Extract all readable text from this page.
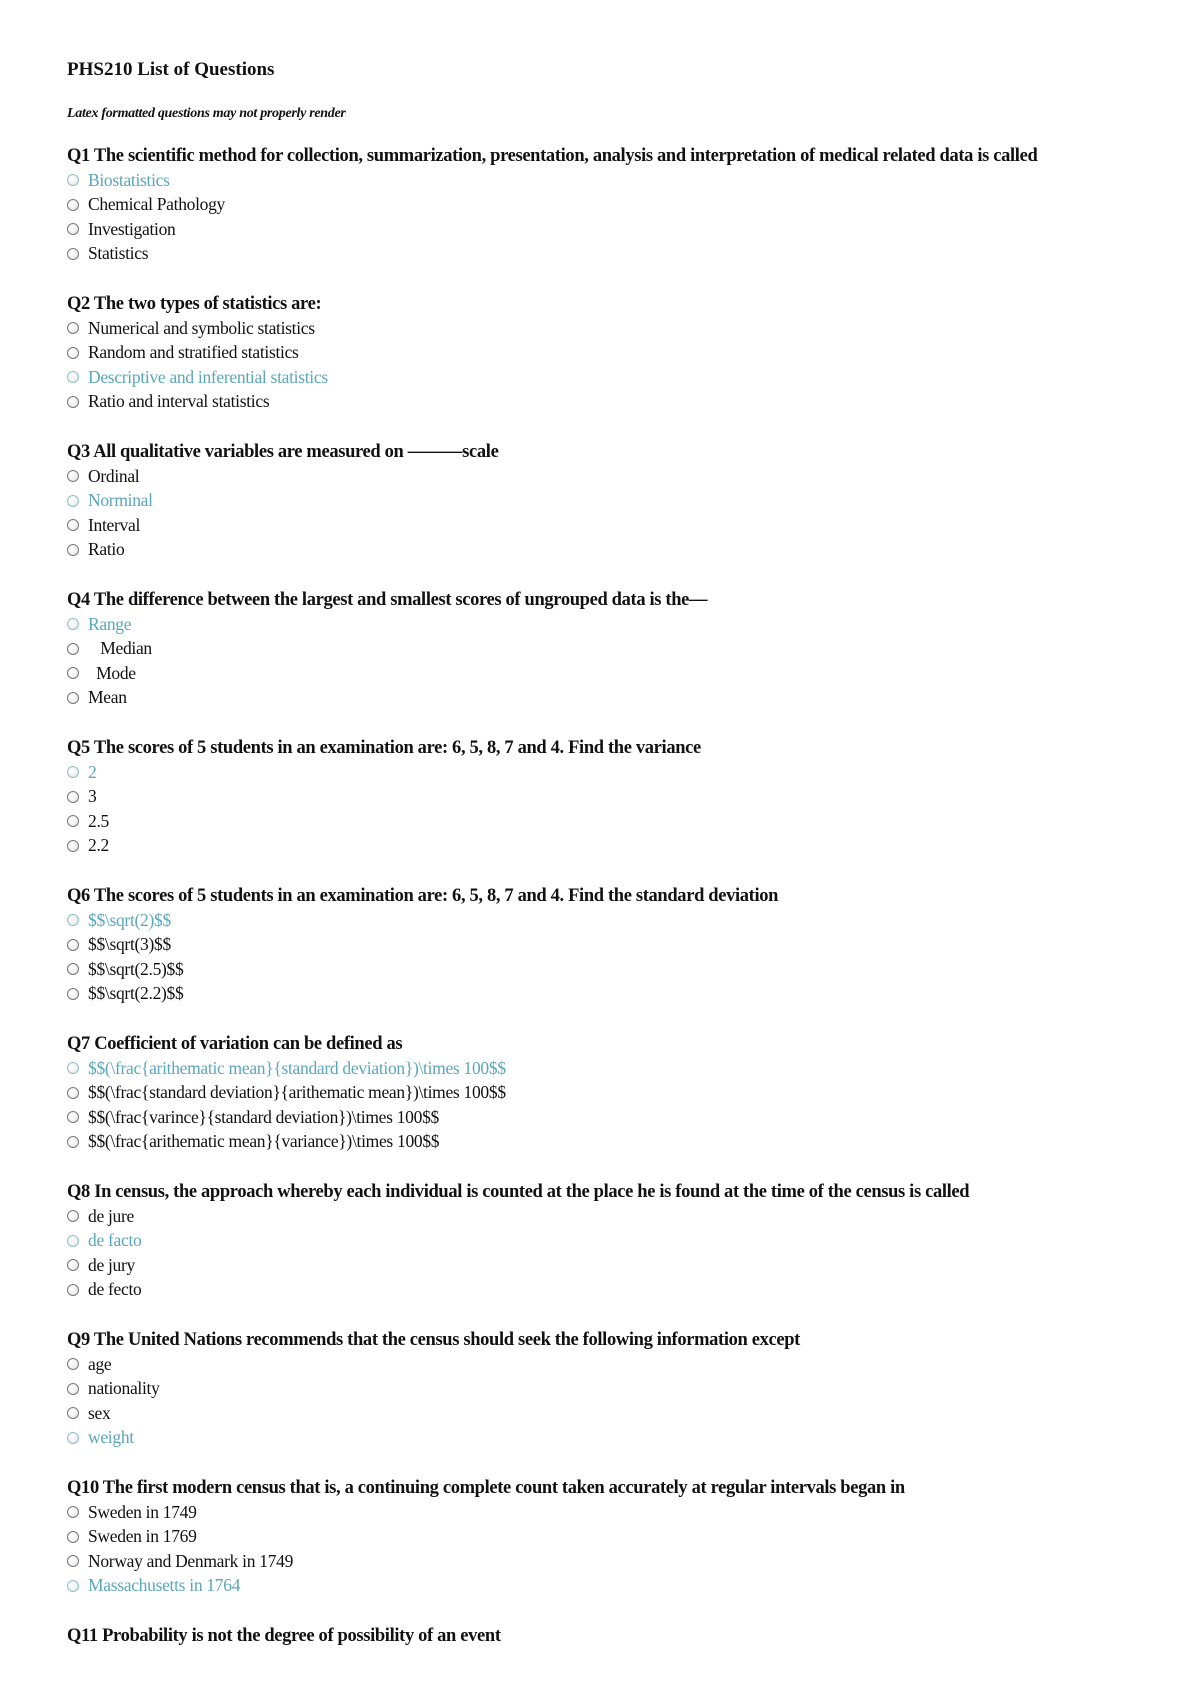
PHS210 List of Questions
Latex formatted questions may not properly render
Q1 The scientific method for collection, summarization, presentation, analysis and interpretation of medical related data is called
Biostatistics
Chemical Pathology
Investigation
Statistics
Q2 The two types of statistics are:
Numerical and symbolic statistics
Random and stratified statistics
Descriptive and inferential statistics
Ratio and interval statistics
Q3 All qualitative variables are measured on ———scale
Ordinal
Norminal
Interval
Ratio
Q4 The difference between the largest and smallest scores of ungrouped data is the—
Range
Median
Mode
Mean
Q5 The scores of 5 students in an examination are: 6, 5, 8, 7 and 4. Find the variance
2
3
2.5
2.2
Q6 The scores of 5 students in an examination are: 6, 5, 8, 7 and 4. Find the standard deviation
$$\sqrt(2)$$
$$\sqrt(3)$$
$$\sqrt(2.5)$$
$$\sqrt(2.2)$$
Q7 Coefficient of variation can be defined as
$$(\frac{arithematic mean}{standard deviation})\times 100$$
$$(\frac{standard deviation}{arithematic mean})\times 100$$
$$(\frac{varince}{standard deviation})\times 100$$
$$(\frac{arithematic mean}{variance})\times 100$$
Q8 In census, the approach whereby each individual is counted at the place he is found at the time of the census is called
de jure
de facto
de jury
de fecto
Q9 The United Nations recommends that the census should seek the following information except
age
nationality
sex
weight
Q10 The first modern census that is, a continuing complete count taken accurately at regular intervals began in
Sweden in 1749
Sweden in 1769
Norway and Denmark in 1749
Massachusetts in 1764
Q11 Probability is not the degree of possibility of an event
